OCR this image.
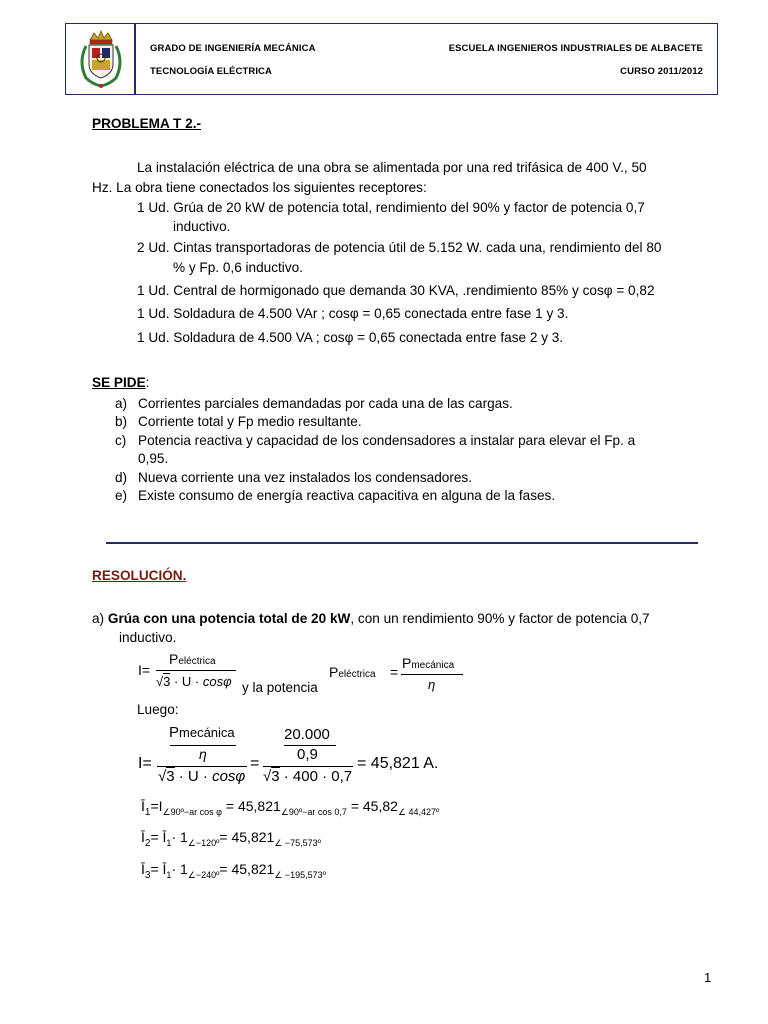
GRADO DE INGENIERÍA MECÁNICA
TECNOLOGÍA ELÉCTRICA
ESCUELA INGENIEROS INDUSTRIALES DE ALBACETE
CURSO 2011/2012
PROBLEMA T 2.-
La instalación eléctrica de una obra se alimentada por una red trifásica de 400 V., 50
Hz. La obra tiene conectados los siguientes receptores:
1 Ud. Grúa de 20 kW de potencia total, rendimiento del 90% y factor de potencia 0,7
inductivo.
2 Ud. Cintas transportadoras de potencia útil de 5.152 W. cada una, rendimiento del 80
% y Fp. 0,6 inductivo.
1 Ud. Central de hormigonado que demanda 30 KVA, .rendimiento 85% y cosφ = 0,82
1 Ud. Soldadura de 4.500 VAr ; cosφ = 0,65 conectada entre fase 1 y 3.
1 Ud. Soldadura de 4.500 VA ; cosφ = 0,65 conectada entre fase 2 y 3.
SE PIDE:
a) Corrientes parciales demandadas por cada una de las cargas.
b) Corriente total y Fp medio resultante.
c) Potencia reactiva y capacidad de los condensadores a instalar para elevar el Fp. a
0,95.
d) Nueva corriente una vez instalados los condensadores.
e) Existe consumo de energía reactiva capacitiva en alguna de la fases.
RESOLUCIÓN.
a) Grúa con una potencia total de 20 kW, con un rendimiento 90% y factor de potencia 0,7
inductivo.
I=
Peléctrica
√3 · U · cosφ y la potencia
Peléctrica =
Pmecánica
η
Luego:
I=
Pmecánica
η
√3 · U · cosφ
=
20.000
0,9
√3 · 400 · 0,7
= 45,821 A.
$Ī_1=I_{\angle 90º-ar cos \varphi} = 45,821_{\angle 90º-ar cos 0,7} = 45,82_{\angle 44,427º}$
$Ī_2=$ $Ī_1\cdot 1_{\angle-120º}= 45,821_{\angle -75,573º}$
$Ī_3=$ $Ī_1\cdot 1_{\angle-240º}= 45,821_{\angle -195,573º}$
1
